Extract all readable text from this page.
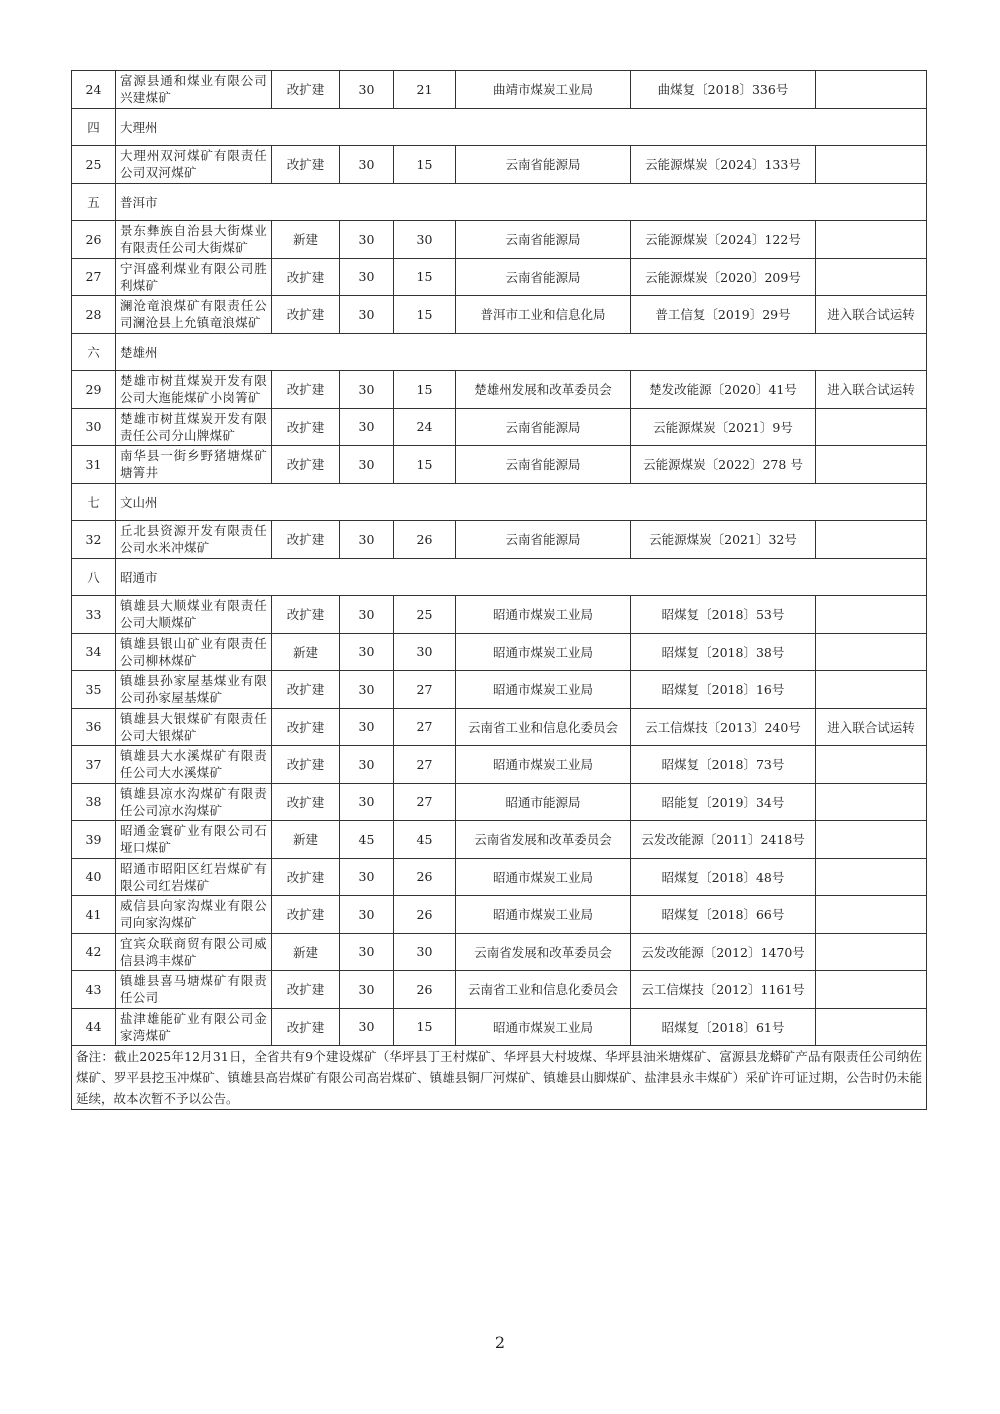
24	富源县通和煤业有限公司兴建煤矿	改扩建	30	21	曲靖市煤炭工业局	曲煤复〔2018〕336号	
四	大理州						
25	大理州双河煤矿有限责任公司双河煤矿	改扩建	30	15	云南省能源局	云能源煤炭〔2024〕133号	
五	普洱市						
26	景东彝族自治县大街煤业有限责任公司大街煤矿	新建	30	30	云南省能源局	云能源煤炭〔2024〕122号	
27	宁洱盛利煤业有限公司胜利煤矿	改扩建	30	15	云南省能源局	云能源煤炭〔2020〕209号	
28	澜沧竜浪煤矿有限责任公司澜沧县上允镇竜浪煤矿	改扩建	30	15	普洱市工业和信息化局	普工信复〔2019〕29号	进入联合试运转
六	楚雄州						
29	楚雄市树苴煤炭开发有限公司大迤能煤矿小岗箐矿	改扩建	30	15	楚雄州发展和改革委员会	楚发改能源〔2020〕41号	进入联合试运转
30	楚雄市树苴煤炭开发有限责任公司分山牌煤矿	改扩建	30	24	云南省能源局	云能源煤炭〔2021〕9号	
31	南华县一街乡野猪塘煤矿塘箐井	改扩建	30	15	云南省能源局	云能源煤炭〔2022〕278 号	
七	文山州						
32	丘北县资源开发有限责任公司水米冲煤矿	改扩建	30	26	云南省能源局	云能源煤炭〔2021〕32号	
八	昭通市						
33	镇雄县大顺煤业有限责任公司大顺煤矿	改扩建	30	25	昭通市煤炭工业局	昭煤复〔2018〕53号	
34	镇雄县银山矿业有限责任公司柳林煤矿	新建	30	30	昭通市煤炭工业局	昭煤复〔2018〕38号	
35	镇雄县孙家屋基煤业有限公司孙家屋基煤矿	改扩建	30	27	昭通市煤炭工业局	昭煤复〔2018〕16号	
36	镇雄县大银煤矿有限责任公司大银煤矿	改扩建	30	27	云南省工业和信息化委员会	云工信煤技〔2013〕240号	进入联合试运转
37	镇雄县大水溪煤矿有限责任公司大水溪煤矿	改扩建	30	27	昭通市煤炭工业局	昭煤复〔2018〕73号	
38	镇雄县凉水沟煤矿有限责任公司凉水沟煤矿	改扩建	30	27	昭通市能源局	昭能复〔2019〕34号	
39	昭通金寰矿业有限公司石垭口煤矿	新建	45	45	云南省发展和改革委员会	云发改能源〔2011〕2418号	
40	昭通市昭阳区红岩煤矿有限公司红岩煤矿	改扩建	30	26	昭通市煤炭工业局	昭煤复〔2018〕48号	
41	威信县向家沟煤业有限公司向家沟煤矿	改扩建	30	26	昭通市煤炭工业局	昭煤复〔2018〕66号	
42	宜宾众联商贸有限公司威信县鸿丰煤矿	新建	30	30	云南省发展和改革委员会	云发改能源〔2012〕1470号	
43	镇雄县喜马塘煤矿有限责任公司	改扩建	30	26	云南省工业和信息化委员会	云工信煤技〔2012〕1161号	
44	盐津雄能矿业有限公司金家湾煤矿	改扩建	30	15	昭通市煤炭工业局	昭煤复〔2018〕61号	
备注：截止2025年12月31日，全省共有9个建设煤矿（华坪县丁王村煤矿、华坪县大村坡煤、华坪县油米塘煤矿、富源县龙蟒矿产品有限责任公司纳佐煤矿、罗平县挖玉冲煤矿、镇雄县高岩煤矿有限公司高岩煤矿、镇雄县铜厂河煤矿、镇雄县山脚煤矿、盐津县永丰煤矿）采矿许可证过期，公告时仍未能延续，故本次暂不予以公告。							
2
